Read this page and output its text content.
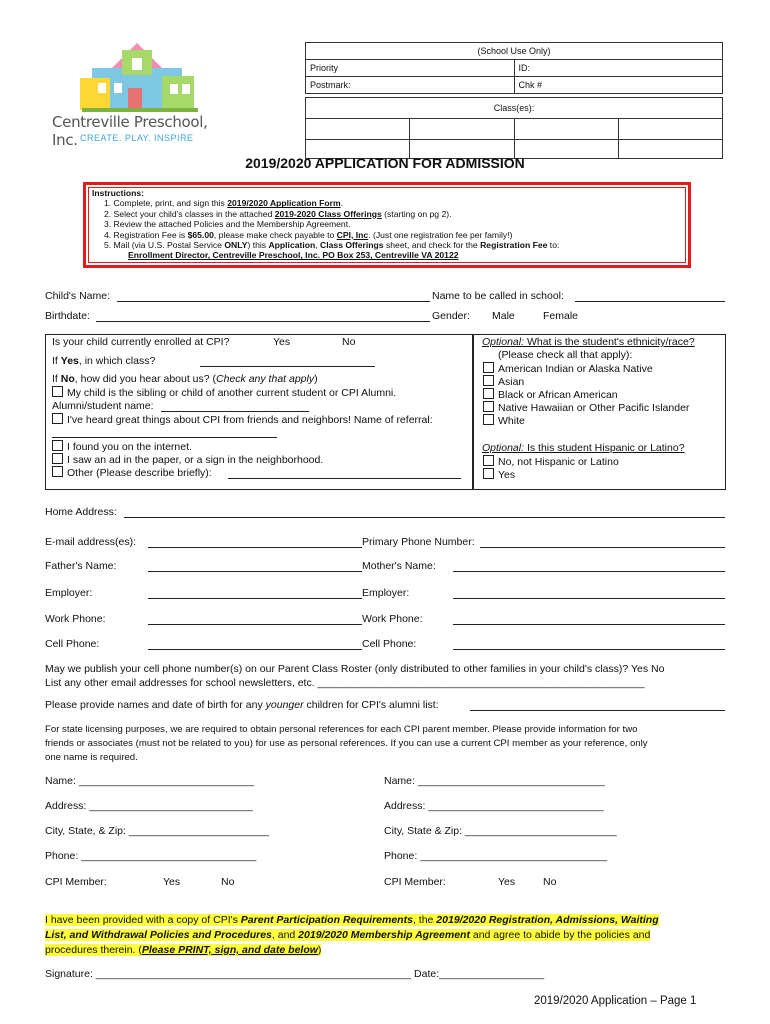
Centreville Preschool, Inc. CREATE. PLAY. INSPIRE
(School Use Only)	
Priority	ID:
Postmark:	Chk #
Class(es):			

2019/2020 APPLICATION FOR ADMISSION
Instructions:
1. Complete, print, and sign this 2019/2020 Application Form.
2. Select your child's classes in the attached 2019-2020 Class Offerings (starting on pg 2).
3. Review the attached Policies and the Membership Agreement.
4. Registration Fee is $65.00, please make check payable to CPI, Inc. (Just one registration fee per family!)
5. Mail (via U.S. Postal Service ONLY) this Application, Class Offerings sheet, and check for the Registration Fee to:
Enrollment Director, Centreville Preschool, Inc. PO Box 253, Centreville VA 20122
Child's Name:	Name to be called in school:
Birthdate:	Gender: Male	Female
Is your child currently enrolled at CPI?	Yes	No
If Yes, in which class?
If No, how did you hear about us? (Check any that apply)
My child is the sibling or child of another current student or CPI Alumni.
Alumni/student name:
I've heard great things about CPI from friends and neighbors! Name of referral:
I found you on the internet.
I saw an ad in the paper, or a sign in the neighborhood.
Other (Please describe briefly):
Optional: What is the student's ethnicity/race?
(Please check all that apply):
American Indian or Alaska Native
Asian
Black or African American
Native Hawaiian or Other Pacific Islander
White
Optional: Is this student Hispanic or Latino?
No, not Hispanic or Latino
Yes
Home Address:
E-mail address(es):	Primary Phone Number:
Father's Name:	Mother's Name:
Employer:	Employer:
Work Phone:	Work Phone:
Cell Phone:	Cell Phone:
May we publish your cell phone number(s) on our Parent Class Roster (only distributed to other families in your child's class)? Yes No
List any other email addresses for school newsletters, etc. ________________________________________________________
Please provide names and date of birth for any younger children for CPI's alumni list:
For state licensing purposes, we are required to obtain personal references for each CPI parent member. Please provide information for two
friends or associates (must not be related to you) for use as personal references. If you can use a current CPI member as your reference, only
one name is required.
Name: ______________________________
Address: ____________________________
City, State, & Zip: ________________________
Phone: ______________________________
CPI Member:	Yes	No
Name: ________________________________
Address: ______________________________
City, State & Zip: __________________________
Phone: ________________________________
CPI Member:	Yes	No
I have been provided with a copy of CPI's Parent Participation Requirements, the 2019/2020 Registration, Admissions, Waiting
List, and Withdrawal Policies and Procedures, and 2019/2020 Membership Agreement and agree to abide by the policies and
procedures therein. (Please PRINT, sign, and date below)
Signature: ______________________________________________________ Date:__________________
2019/2020 Application – Page 1
